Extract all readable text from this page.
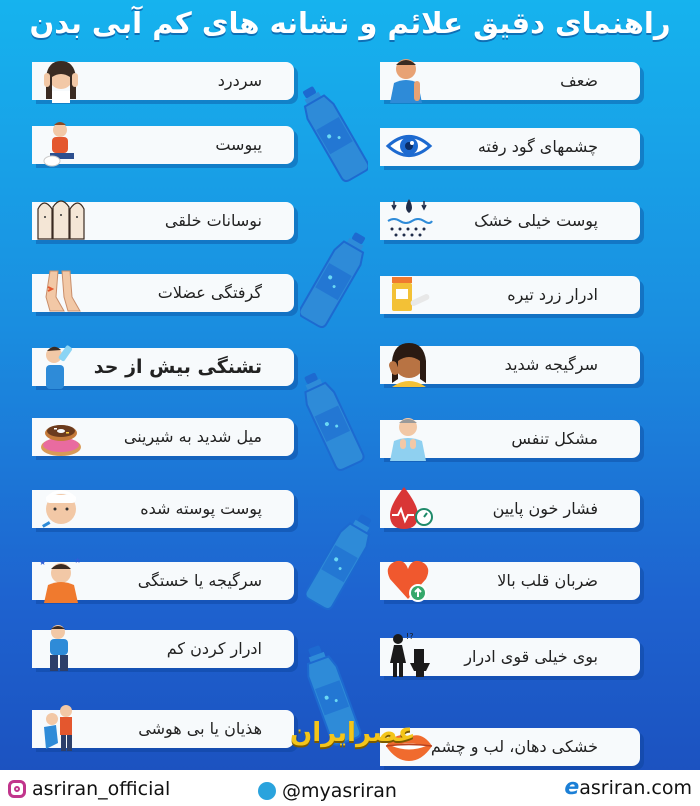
راهنمای دقیق علائم و نشانه های کم آبی بدن
سردرد
یبوست
نوسانات خلقی
گرفتگی عضلات
تشنگی بیش از حد
میل شدید به شیرینی
پوست پوسته شده
★	★
سرگیجه یا خستگی
ادرار کردن کم
هذیان یا بی هوشی
ضعف
چشمهای گود رفته
پوست خیلی خشک
ادرار زرد تیره
سرگیجه شدید
مشکل تنفس
فشار خون پایین
ضربان قلب بالا
!?
بوی خیلی قوی ادرار
خشکی دهان، لب و چشم
عصرایران
asriran_official	@myasriran	easriran.com
